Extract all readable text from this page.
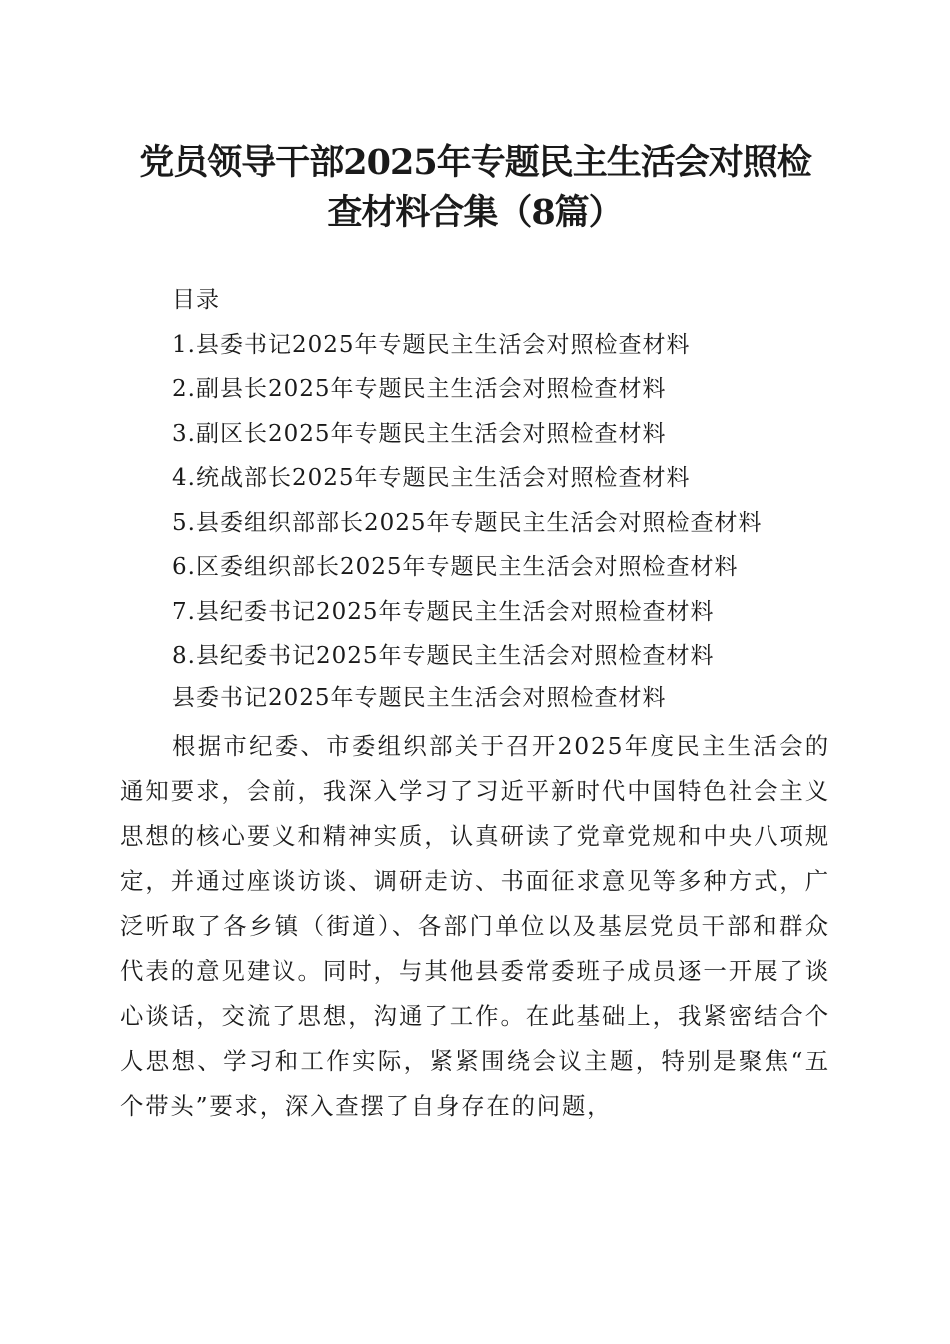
党员领导干部2025年专题民主生活会对照检
查材料合集（8篇）
目录
1.县委书记2025年专题民主生活会对照检查材料
2.副县长2025年专题民主生活会对照检查材料
3.副区长2025年专题民主生活会对照检查材料
4.统战部长2025年专题民主生活会对照检查材料
5.县委组织部部长2025年专题民主生活会对照检查材料
6.区委组织部长2025年专题民主生活会对照检查材料
7.县纪委书记2025年专题民主生活会对照检查材料
8.县纪委书记2025年专题民主生活会对照检查材料
县委书记2025年专题民主生活会对照检查材料

根据市纪委、市委组织部关于召开2025年度民主生活会的通知要求，会前，我深入学习了习近平新时代中国特色社会主义思想的核心要义和精神实质，认真研读了党章党规和中央八项规定，并通过座谈访谈、调研走访、书面征求意见等多种方式，广泛听取了各乡镇（街道）、各部门单位以及基层党员干部和群众代表的意见建议。同时，与其他县委常委班子成员逐一开展了谈心谈话，交流了思想，沟通了工作。在此基础上，我紧密结合个人思想、学习和工作实际，紧紧围绕会议主题，特别是聚焦“五个带头”要求，深入查摆了自身存在的问题，
